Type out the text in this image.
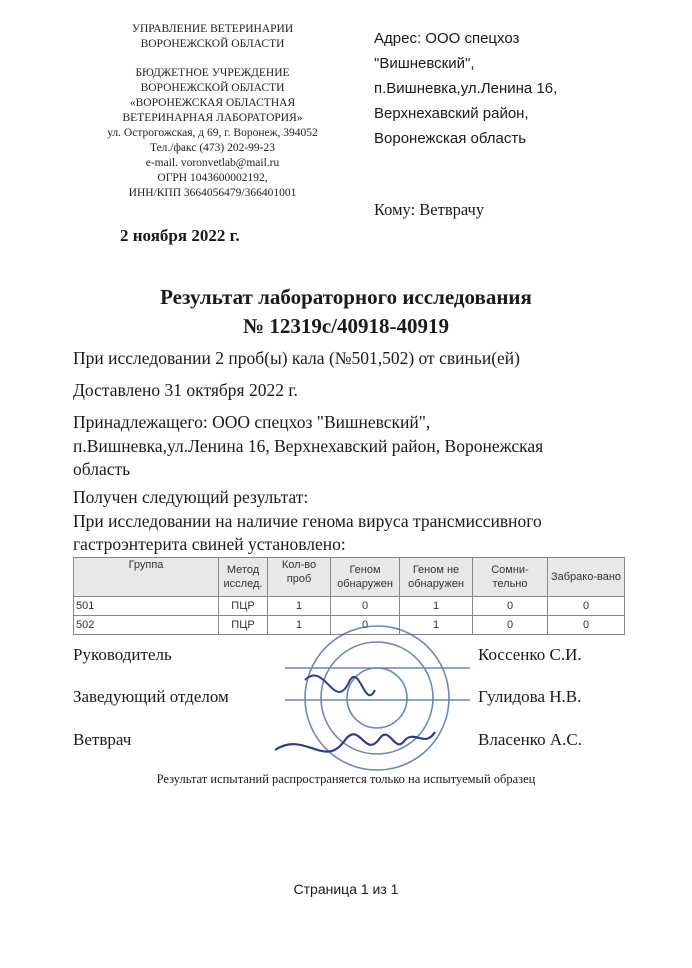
УПРАВЛЕНИЕ ВЕТЕРИНАРИИ
ВОРОНЕЖСКОЙ ОБЛАСТИ
БЮДЖЕТНОЕ УЧРЕЖДЕНИЕ
ВОРОНЕЖСКОЙ ОБЛАСТИ
«ВОРОНЕЖСКАЯ ОБЛАСТНАЯ
ВЕТЕРИНАРНАЯ ЛАБОРАТОРИЯ»
ул. Острогожская, д 69, г. Воронеж, 394052
Тел./факс (473) 202-99-23
e-mail. voronvetlab@mail.ru
ОГРН 1043600002192,
ИНН/КПП 3664056479/366401001
Адрес: ООО спецхоз
"Вишневский",
п.Вишневка,ул.Ленина 16,
Верхнехавский район,
Воронежская область
Кому: Ветврачу
2 ноября 2022 г.
Результат лабораторного исследования
№ 12319с/40918-40919
При исследовании 2 проб(ы) кала (№501,502) от свиньи(ей)
Доставлено 31 октября 2022 г.
Принадлежащего: ООО спецхоз "Вишневский",
п.Вишневка,ул.Ленина 16, Верхнехавский район, Воронежская
область
Получен следующий результат:
При исследовании на наличие генома вируса трансмиссивного
гастроэнтерита свиней установлено:
Группа	Метод исслед.	Кол-во проб	Геном обнаружен	Геном не обнаружен	Сомни-тельно	Забрако-вано
501	ПЦР	1	0	1	0	0
502	ПЦР	1	0	1	0	0
Руководитель	Коссенко С.И.
Заведующий отделом	Гулидова Н.В.
Ветврач	Власенко А.С.
Результат испытаний распространяется только на испытуемый образец
Страница 1 из 1
